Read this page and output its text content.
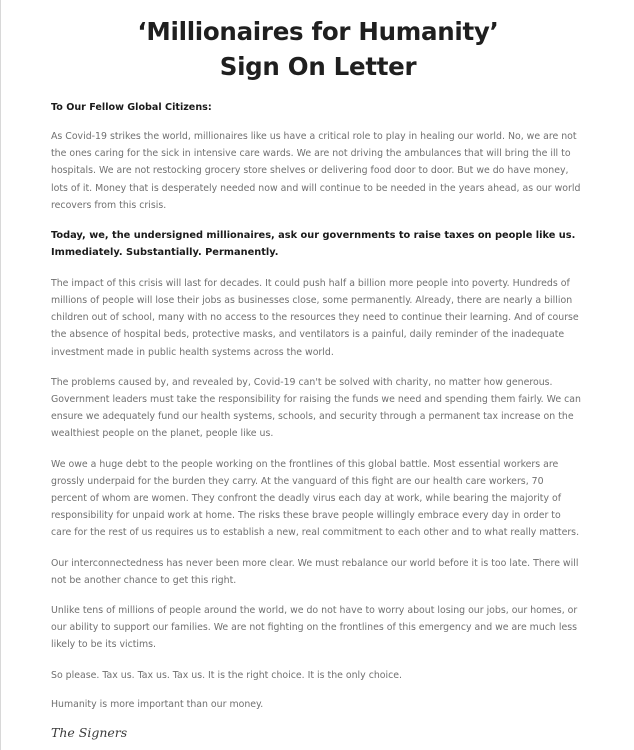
‘Millionaires for Humanity’
Sign On Letter
To Our Fellow Global Citizens:

As Covid-19 strikes the world, millionaires like us have a critical role to play in healing our world. No, we are not the ones caring for the sick in intensive care wards. We are not driving the ambulances that will bring the ill to hospitals. We are not restocking grocery store shelves or delivering food door to door. But we do have money, lots of it. Money that is desperately needed now and will continue to be needed in the years ahead, as our world recovers from this crisis.

Today, we, the undersigned millionaires, ask our governments to raise taxes on people like us. Immediately. Substantially. Permanently.

The impact of this crisis will last for decades. It could push half a billion more people into poverty. Hundreds of millions of people will lose their jobs as businesses close, some permanently. Already, there are nearly a billion children out of school, many with no access to the resources they need to continue their learning. And of course the absence of hospital beds, protective masks, and ventilators is a painful, daily reminder of the inadequate investment made in public health systems across the world.

The problems caused by, and revealed by, Covid-19 can't be solved with charity, no matter how generous. Government leaders must take the responsibility for raising the funds we need and spending them fairly. We can ensure we adequately fund our health systems, schools, and security through a permanent tax increase on the wealthiest people on the planet, people like us.

We owe a huge debt to the people working on the frontlines of this global battle. Most essential workers are grossly underpaid for the burden they carry. At the vanguard of this fight are our health care workers, 70 percent of whom are women. They confront the deadly virus each day at work, while bearing the majority of responsibility for unpaid work at home. The risks these brave people willingly embrace every day in order to care for the rest of us requires us to establish a new, real commitment to each other and to what really matters.

Our interconnectedness has never been more clear. We must rebalance our world before it is too late. There will not be another chance to get this right.

Unlike tens of millions of people around the world, we do not have to worry about losing our jobs, our homes, or our ability to support our families. We are not fighting on the frontlines of this emergency and we are much less likely to be its victims.

So please. Tax us. Tax us. Tax us. It is the right choice. It is the only choice.

Humanity is more important than our money.

The Signers
